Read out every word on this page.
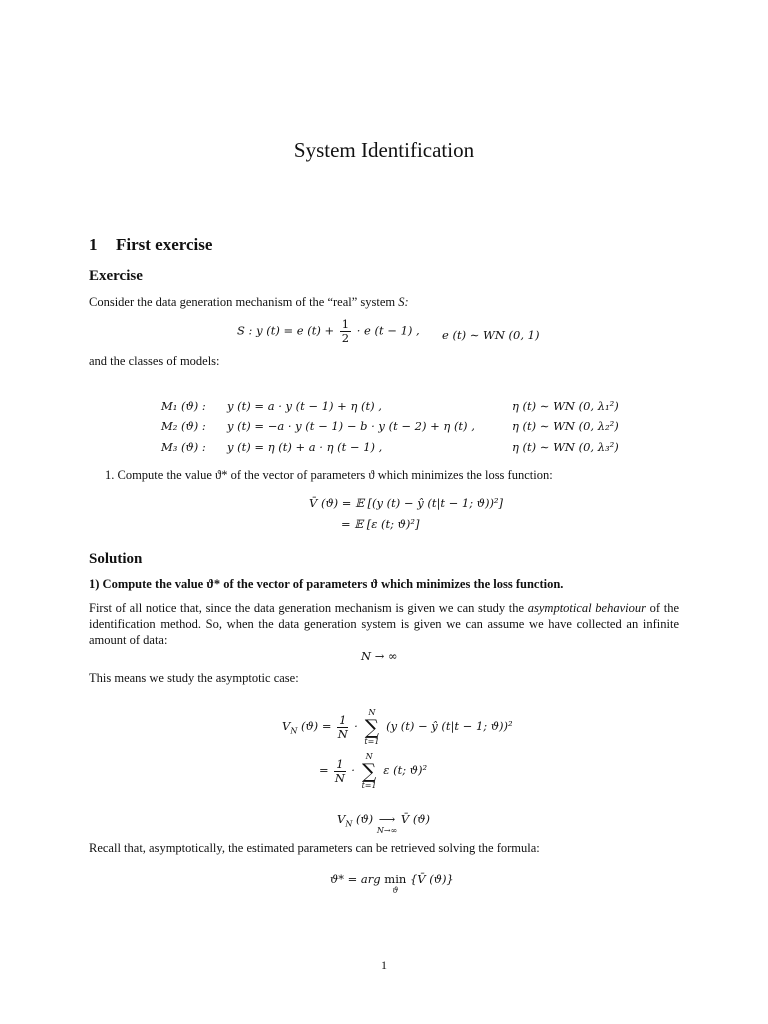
System Identification
1 First exercise
Exercise
Consider the data generation mechanism of the “real” system S:
S : y (t) = e $(t) + \frac{1}{2} \cdot e$ (t − 1) , e (t) ∼ WN (0, 1)
and the classes of models:
M₁ (ϑ) : y (t) = a · y (t − 1) + η (t) ,	η (t) ∼ WN (0, λ₁²)
M₂ (ϑ) : y (t) = −a · y (t − 1) − b · y (t − 2) + η (t) ,	η (t) ∼ WN (0, λ₂²)
M₃ (ϑ) : y (t) = η (t) + a · η (t − 1) ,	η (t) ∼ WN (0, λ₃²)
1. Compute the value ϑ* of the vector of parameters ϑ which minimizes the loss function:
V̄ (ϑ) = 𝔼 [(y (t) − ŷ (t|t − 1; ϑ))²]
= 𝔼 [ε (t; ϑ)²]
Solution
1) Compute the value ϑ* of the vector of parameters ϑ which minimizes the loss function.
First of all notice that, since the data generation mechanism is given we can study the asymptotical behaviour of the identification method. So, when the data generation system is given we can assume we have collected an infinite amount of data:
N → ∞
This means we study the asymptotic case:
$V_N$ $(ϑ) = \frac{1}{N}$ ·
N
∑
t=1
(y (t) − ŷ (t|t − 1; ϑ))²
= $\frac{1}{N}$ ·
N
∑
t=1
ε (t; ϑ)²
$V_N$ (ϑ) ⟶
N→∞
V̄ (ϑ)
Recall that, asymptotically, the estimated parameters can be retrieved solving the formula:
ϑ* = arg min
ϑ
{V̄ (ϑ)}
1
